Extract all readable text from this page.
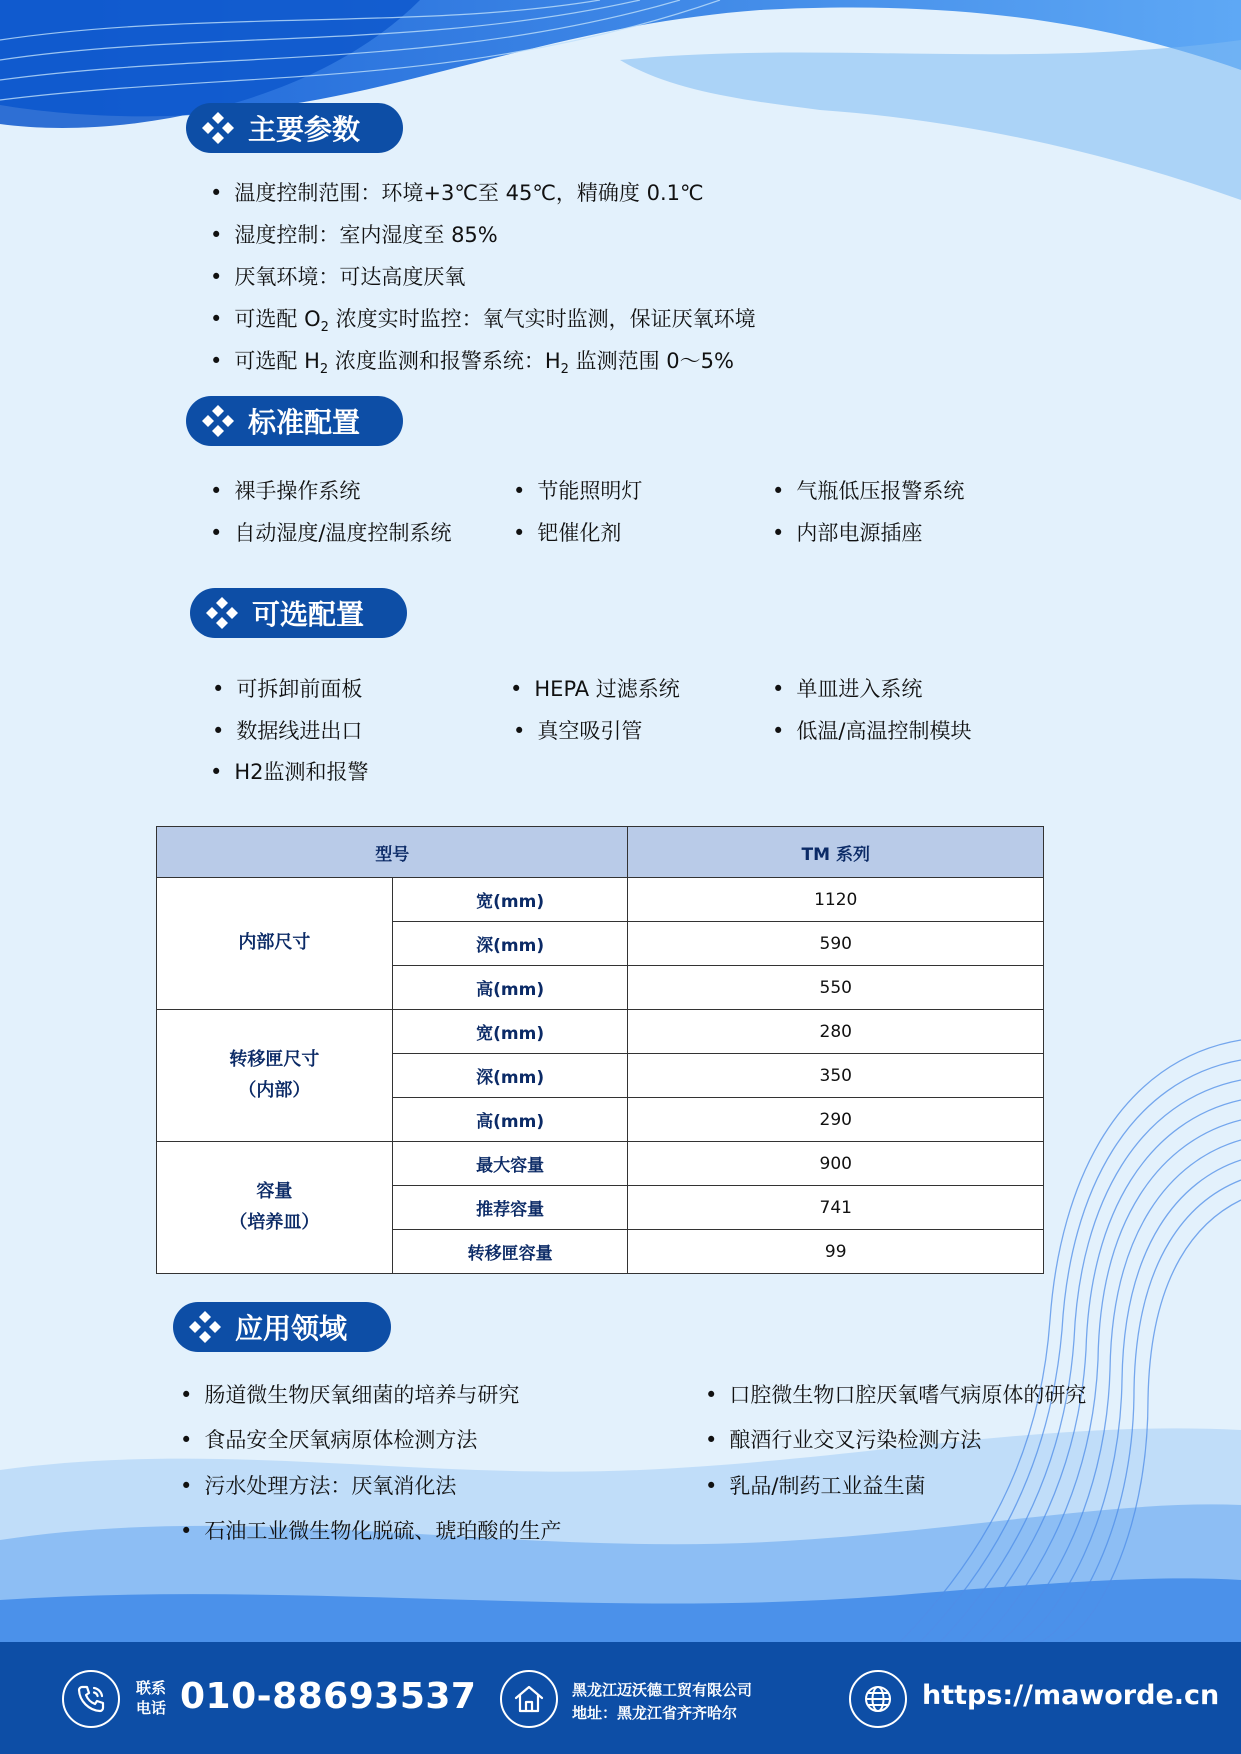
主要参数
• 温度控制范围：环境+3℃至 45℃，精确度 0.1℃
• 湿度控制：室内湿度至 85%
• 厌氧环境：可达高度厌氧
• 可选配 $O_2$ 浓度实时监控：氧气实时监测，保证厌氧环境
• 可选配 $H_2$ 浓度监测和报警系统：$H_2$ 监测范围 0～5%
标准配置
• 裸手操作系统	• 节能照明灯	• 气瓶低压报警系统
• 自动湿度/温度控制系统	• 钯催化剂	• 内部电源插座
可选配置
• 可拆卸前面板	• HEPA 过滤系统	• 单皿进入系统
• 数据线进出口	• 真空吸引管	• 低温/高温控制模块
• H2监测和报警
型号		TM 系列
内部尺寸	宽(mm)	1120
	深(mm)	590
	高(mm)	550
转移匣尺寸
（内部）	宽(mm)	280
	深(mm)	350
	高(mm)	290
容量
（培养皿）	最大容量	900
	推荐容量	741
	转移匣容量	99
应用领域
• 肠道微生物厌氧细菌的培养与研究
• 食品安全厌氧病原体检测方法
• 污水处理方法：厌氧消化法
• 石油工业微生物化脱硫、琥珀酸的生产
• 口腔微生物口腔厌氧嗜气病原体的研究
• 酿酒行业交叉污染检测方法
• 乳品/制药工业益生菌
联系
电话 010-88693537	黑龙江迈沃德工贸有限公司
地址：黑龙江省齐齐哈尔
https://maworde.cn
